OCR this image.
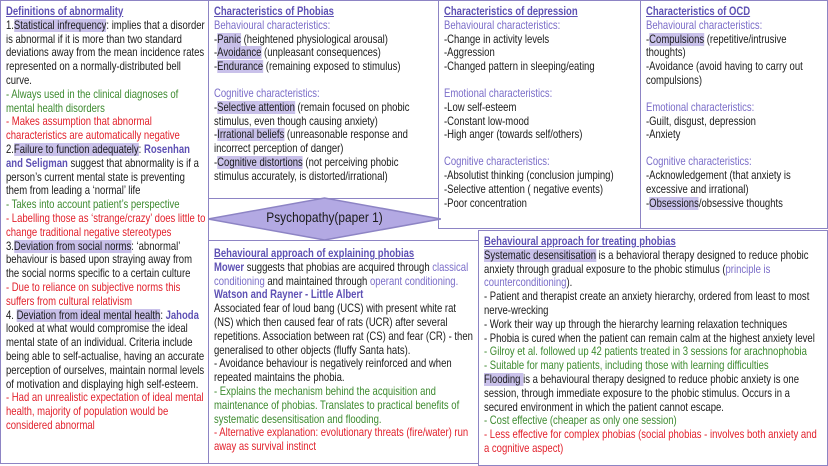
Definitions of abnormality

1.Statistical infrequency: implies that a disorder is abnormal if it is more than two standard deviations away from the mean incidence rates represented on a normally-distributed bell curve.

- Always used in the clinical diagnoses of mental health disorders

- Makes assumption that abnormal characteristics are automatically negative

2.Failure to function adequately: Rosenhan and Seligman suggest that abnormality is if a person’s current mental state is preventing them from leading a ‘normal’ life

- Takes into account patient’s perspective

- Labelling those as ‘strange/crazy’ does little to change traditional negative stereotypes

3.Deviation from social norms: ‘abnormal’ behaviour is based upon straying away from the social norms specific to a certain culture

- Due to reliance on subjective norms this suffers from cultural relativism

4. Deviation from ideal mental health: Jahoda looked at what would compromise the ideal mental state of an individual. Criteria include being able to self-actualise, having an accurate perception of ourselves, maintain normal levels of motivation and displaying high self-esteem.

- Had an unrealistic expectation of ideal mental health, majority of population would be considered abnormal

Characteristics of Phobias

Behavioural characteristics:

-Panic (heightened physiological arousal)

-Avoidance (unpleasant consequences)

-Endurance (remaining exposed to stimulus)

Cognitive characteristics:

-Selective attention (remain focused on phobic stimulus, even though causing anxiety)

-Irrational beliefs (unreasonable response and incorrect perception of danger)

-Cognitive distortions (not perceiving phobic stimulus accurately, is distorted/irrational)

Characteristics of depression

Behavioural characteristics:

-Change in activity levels

-Aggression

-Changed pattern in sleeping/eating

Emotional characteristics:

-Low self-esteem

-Constant low-mood

-High anger (towards self/others)

Cognitive characteristics:

-Absolutist thinking (conclusion jumping)

-Selective attention ( negative events)

-Poor concentration

Characteristics of OCD

Behavioural characteristics:

-Compulsions (repetitive/intrusive thoughts)

-Avoidance (avoid having to carry out compulsions)

Emotional characteristics:

-Guilt, disgust, depression

-Anxiety

Cognitive characteristics:

-Acknowledgement (that anxiety is excessive and irrational)

-Obsessions/obsessive thoughts

Behavioural approach of explaining phobias

Mower suggests that phobias are acquired through classical conditioning and maintained through operant conditioning.

Watson and Rayner - Little Albert

Associated fear of loud bang (UCS) with present white rat (NS) which then caused fear of rats (UCR) after several repetitions. Association between rat (CS) and fear (CR) - then generalised to other objects (fluffy Santa hats).

- Avoidance behaviour is negatively reinforced and when repeated maintains the phobia.

- Explains the mechanism behind the acquisition and maintenance of phobias. Translates to practical benefits of systematic desensitisation and flooding.

- Alternative explanation: evolutionary threats (fire/water) run away as survival instinct

Behavioural approach for treating phobias

Systematic desensitisation is a behavioral therapy designed to reduce phobic anxiety through gradual exposure to the phobic stimulus (principle is counterconditioning).

- Patient and therapist create an anxiety hierarchy, ordered from least to most nerve-wrecking

- Work their way up through the hierarchy learning relaxation techniques

- Phobia is cured when the patient can remain calm at the highest anxiety level

- Gilroy et al. followed up 42 patients treated in 3 sessions for arachnophobia

- Suitable for many patients, including those with learning difficulties

Flooding is a behavioural therapy designed to reduce phobic anxiety is one session, through immediate exposure to the phobic stimulus. Occurs in a secured environment in which the patient cannot escape.

- Cost effective (cheaper as only one session)

- Less effective for complex phobias (social phobias - involves both anxiety and a cognitive aspect)

Psychopathy(paper 1)
